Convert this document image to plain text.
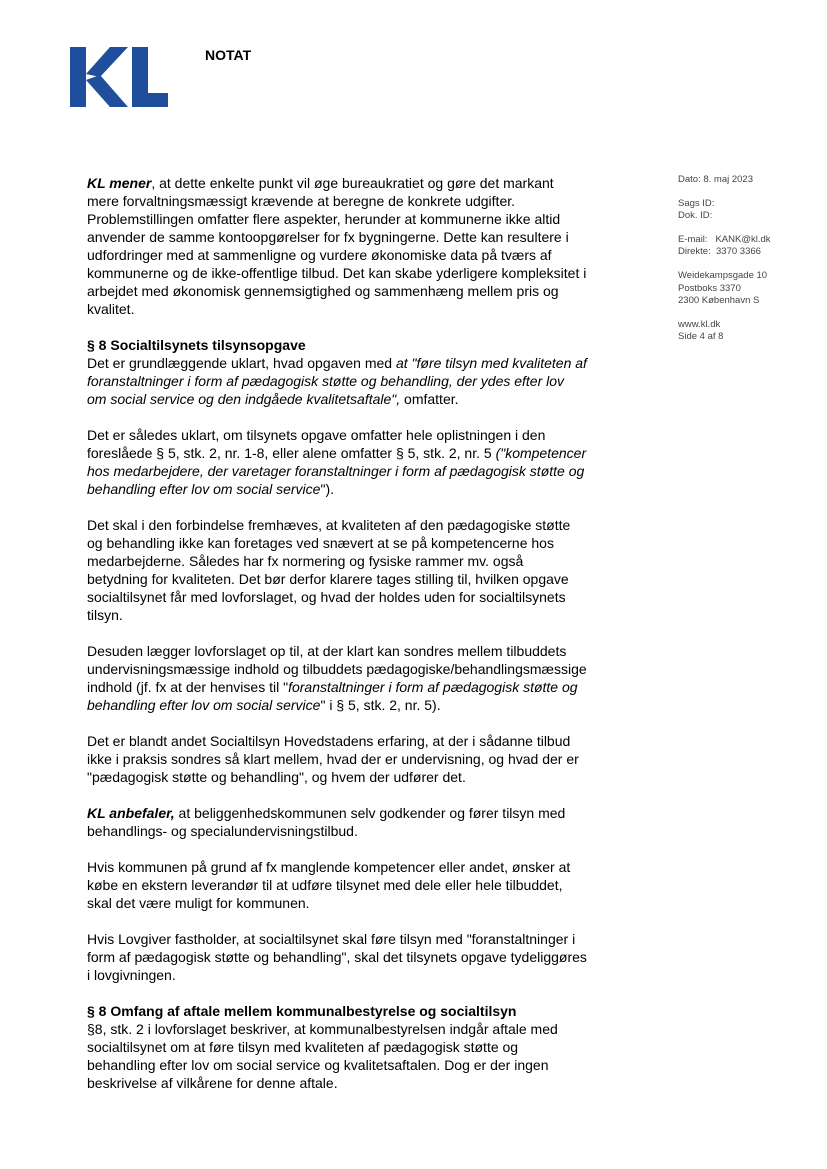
NOTAT
Dato: 8. maj 2023
Sags ID:
Dok. ID:
E-mail:   KANK@kl.dk
Direkte:  3370 3366
Weidekampsgade 10
Postboks 3370
2300 København S
www.kl.dk
Side 4 af 8

KL mener, at dette enkelte punkt vil øge bureaukratiet og gøre det markant mere forvaltningsmæssigt krævende at beregne de konkrete udgifter. Problemstillingen omfatter flere aspekter, herunder at kommunerne ikke altid anvender de samme kontoopgørelser for fx bygningerne. Dette kan resultere i udfordringer med at sammenligne og vurdere økonomiske data på tværs af kommunerne og de ikke-offentlige tilbud. Det kan skabe yderligere kompleksitet i arbejdet med økonomisk gennemsigtighed og sammenhæng mellem pris og kvalitet.

§ 8 Socialtilsynets tilsynsopgave
Det er grundlæggende uklart, hvad opgaven med at "føre tilsyn med kvaliteten af foranstaltninger i form af pædagogisk støtte og behandling, der ydes efter lov om social service og den indgåede kvalitetsaftale", omfatter.

Det er således uklart, om tilsynets opgave omfatter hele oplistningen i den foreslåede § 5, stk. 2, nr. 1-8, eller alene omfatter § 5, stk. 2, nr. 5 ("kompetencer hos medarbejdere, der varetager foranstaltninger i form af pædagogisk støtte og behandling efter lov om social service").

Det skal i den forbindelse fremhæves, at kvaliteten af den pædagogiske støtte og behandling ikke kan foretages ved snævert at se på kompetencerne hos medarbejderne. Således har fx normering og fysiske rammer mv. også betydning for kvaliteten. Det bør derfor klarere tages stilling til, hvilken opgave socialtilsynet får med lovforslaget, og hvad der holdes uden for socialtilsynets tilsyn.

Desuden lægger lovforslaget op til, at der klart kan sondres mellem tilbuddets undervisningsmæssige indhold og tilbuddets pædagogiske/behandlingsmæssige indhold (jf. fx at der henvises til "foranstaltninger i form af pædagogisk støtte og behandling efter lov om social service" i § 5, stk. 2, nr. 5).

Det er blandt andet Socialtilsyn Hovedstadens erfaring, at der i sådanne tilbud ikke i praksis sondres så klart mellem, hvad der er undervisning, og hvad der er "pædagogisk støtte og behandling", og hvem der udfører det.

KL anbefaler, at beliggenhedskommunen selv godkender og fører tilsyn med behandlings- og specialundervisningstilbud.

Hvis kommunen på grund af fx manglende kompetencer eller andet, ønsker at købe en ekstern leverandør til at udføre tilsynet med dele eller hele tilbuddet, skal det være muligt for kommunen.

Hvis Lovgiver fastholder, at socialtilsynet skal føre tilsyn med "foranstaltninger i form af pædagogisk støtte og behandling", skal det tilsynets opgave tydeliggøres i lovgivningen.

§ 8 Omfang af aftale mellem kommunalbestyrelse og socialtilsyn
§8, stk. 2 i lovforslaget beskriver, at kommunalbestyrelsen indgår aftale med socialtilsynet om at føre tilsyn med kvaliteten af pædagogisk støtte og behandling efter lov om social service og kvalitetsaftalen. Dog er der ingen beskrivelse af vilkårene for denne aftale.
